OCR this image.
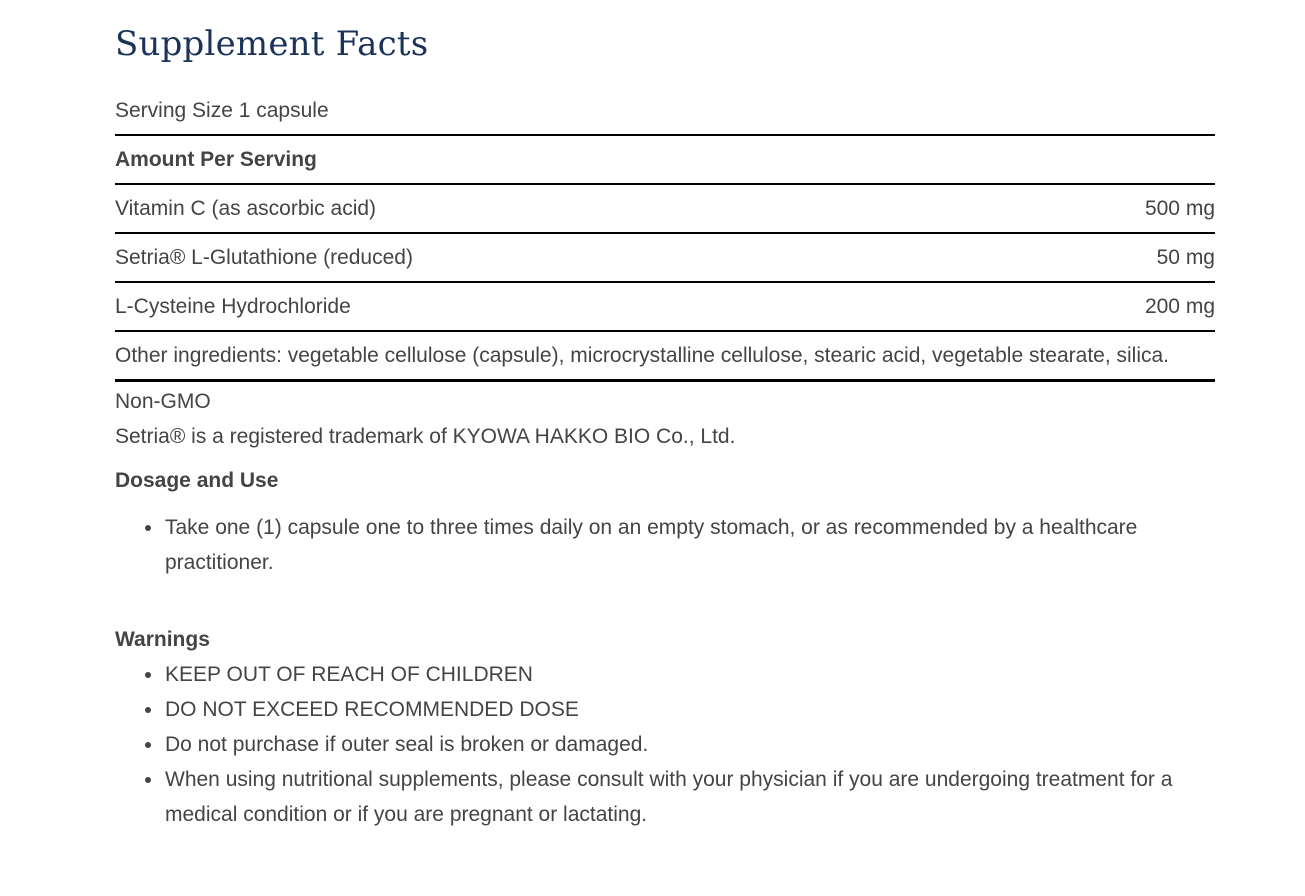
Supplement Facts
Serving Size 1 capsule
Amount Per Serving
Vitamin C (as ascorbic acid)	500 mg
Setria® L-Glutathione (reduced)	50 mg
L-Cysteine Hydrochloride	200 mg
Other ingredients: vegetable cellulose (capsule), microcrystalline cellulose, stearic acid, vegetable stearate, silica.
Non-GMO
Setria® is a registered trademark of KYOWA HAKKO BIO Co., Ltd.
Dosage and Use
Take one (1) capsule one to three times daily on an empty stomach, or as recommended by a healthcare practitioner.
Warnings
KEEP OUT OF REACH OF CHILDREN
DO NOT EXCEED RECOMMENDED DOSE
Do not purchase if outer seal is broken or damaged.
When using nutritional supplements, please consult with your physician if you are undergoing treatment for a medical condition or if you are pregnant or lactating.
